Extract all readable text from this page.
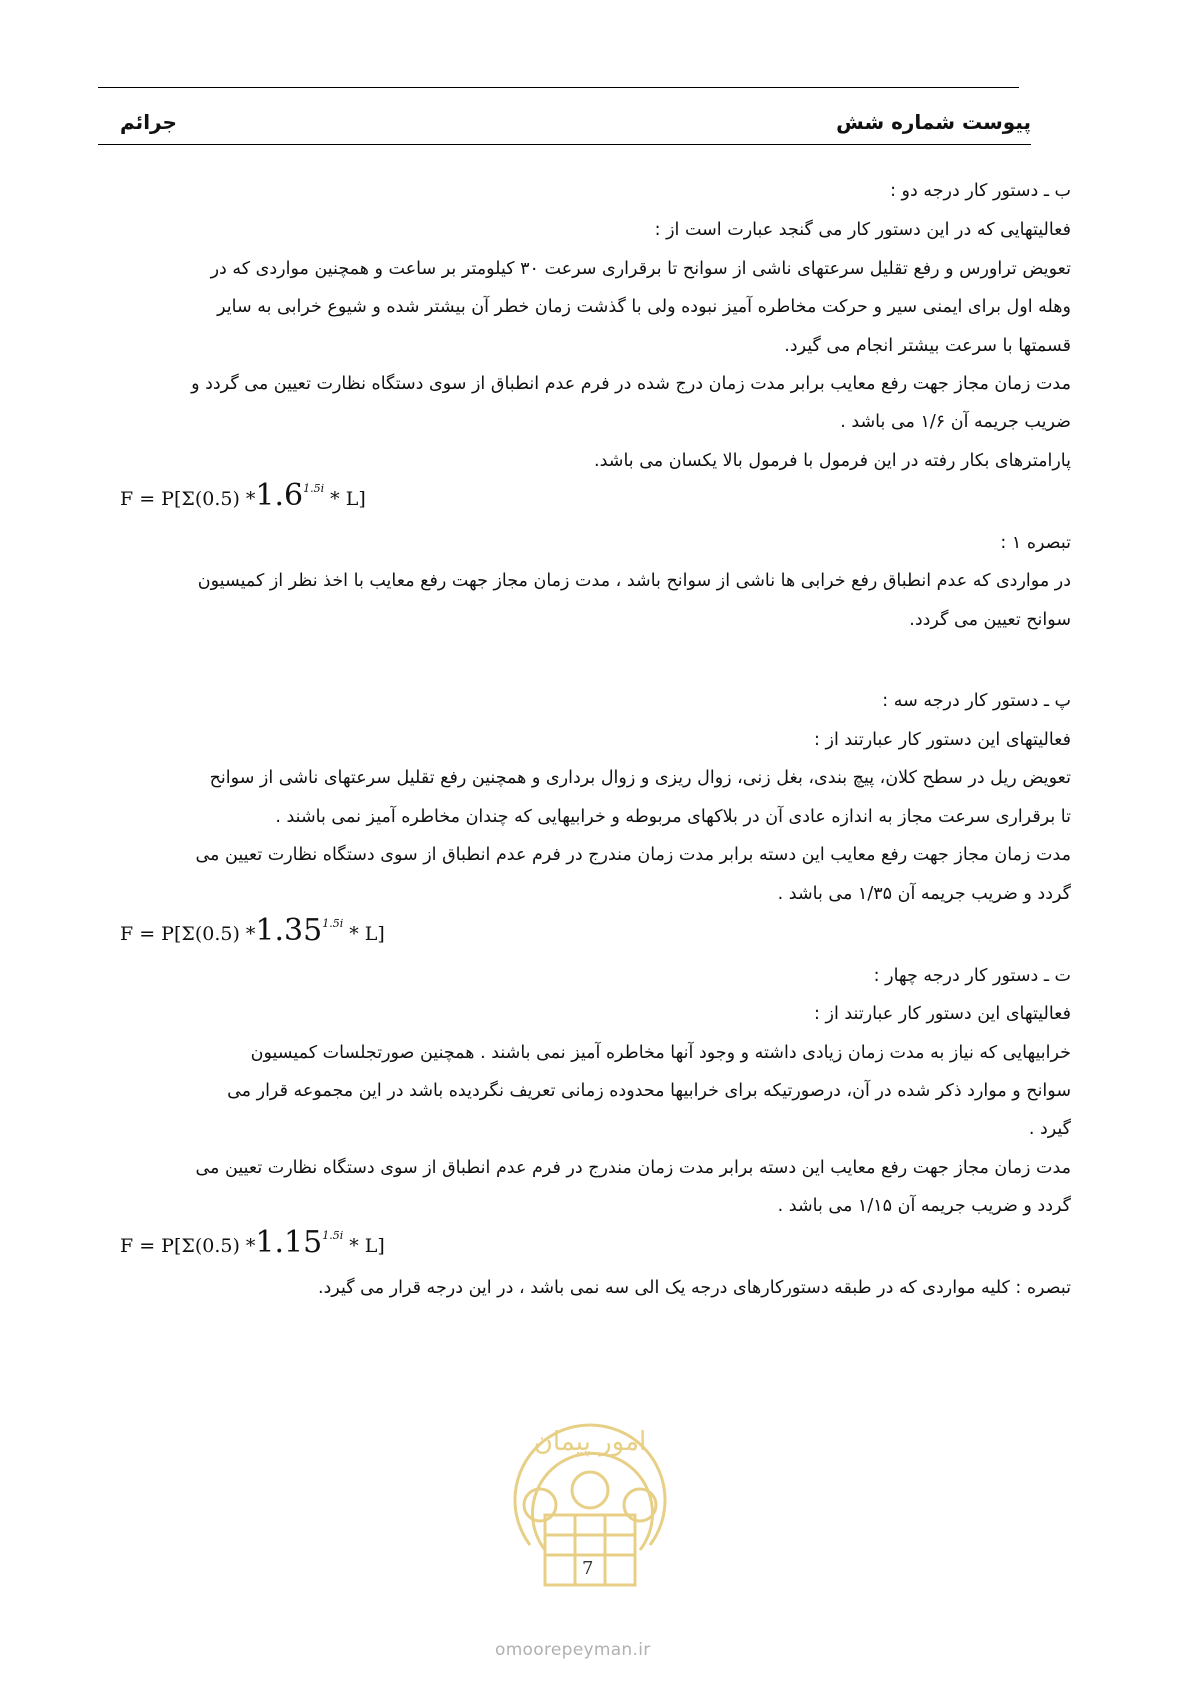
پیوست شماره شش
جرائم
ب ـ دستور کار درجه دو :
فعالیتهایی که در این دستور کار می گنجد عبارت است از :
تعویض تراورس و رفع تقلیل سرعتهای ناشی از سوانح تا برقراری سرعت ۳۰ کیلومتر بر ساعت و همچنین مواردی که در
وهله اول برای ایمنی سیر و حرکت مخاطره آمیز نبوده ولی با گذشت زمان خطر آن بیشتر شده و شیوع خرابی به سایر
قسمتها با سرعت بیشتر انجام می گیرد.
مدت زمان مجاز جهت رفع معایب برابر مدت زمان درج شده در فرم عدم انطباق از سوی دستگاه نظارت تعیین می گردد و
ضریب جریمه آن ۱/۶ می باشد .
پارامترهای بکار رفته در این فرمول با فرمول بالا یکسان می باشد.
F = P[Σ(0.5) $*1.6^{1.5i} * L$]
تبصره ۱ :
در مواردی که عدم انطباق رفع خرابی ها ناشی از سوانح باشد ، مدت زمان مجاز جهت رفع معایب با اخذ نظر از کمیسیون
سوانح تعیین می گردد.
پ ـ دستور کار درجه سه :
فعالیتهای این دستور کار عبارتند از :
تعویض ریل در سطح کلان، پیچ بندی، بغل زنی، زوال ریزی و زوال برداری و همچنین رفع تقلیل سرعتهای ناشی از سوانح
تا برقراری سرعت مجاز به اندازه عادی آن در بلاکهای مربوطه و خرابیهایی که چندان مخاطره آمیز نمی باشند .
مدت زمان مجاز جهت رفع معایب این دسته برابر مدت زمان مندرج در فرم عدم انطباق از سوی دستگاه نظارت تعیین می
گردد و ضریب جریمه آن ۱/۳۵ می باشد .
F = P[Σ(0.5) $*1.35^{1.5i} * L$]
ت ـ دستور کار درجه چهار :
فعالیتهای این دستور کار عبارتند از :
خرابیهایی که نیاز به مدت زمان زیادی داشته و وجود آنها مخاطره آمیز نمی باشند . همچنین صورتجلسات کمیسیون
سوانح و موارد ذکر شده در آن، درصورتیکه برای خرابیها محدوده زمانی تعریف نگردیده باشد در این مجموعه قرار می
گیرد .
مدت زمان مجاز جهت رفع معایب این دسته برابر مدت زمان مندرج در فرم عدم انطباق از سوی دستگاه نظارت تعیین می
گردد و ضریب جریمه آن ۱/۱۵ می باشد .
F = P[Σ(0.5) $*1.15^{1.5i} * L$]
تبصره : کلیه مواردی که در طبقه دستورکارهای درجه یک الی سه نمی باشد ، در این درجه قرار می گیرد.
امور پیمان
7
omoorepeyman.ir
